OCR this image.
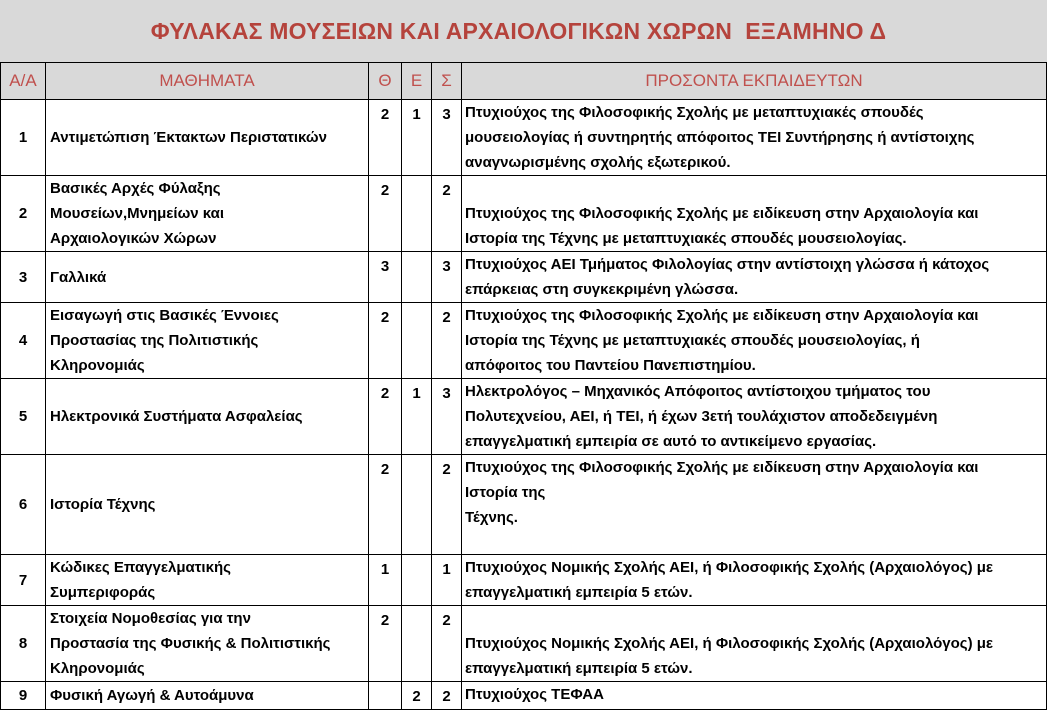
ΦΥΛΑΚΑΣ ΜΟΥΣΕΙΩΝ ΚΑΙ ΑΡΧΑΙΟΛΟΓΙΚΩΝ ΧΩΡΩΝ  ΕΞΑΜΗΝΟ Δ
Α/Α	ΜΑΘΗΜΑΤΑ	Θ	Ε	Σ	ΠΡΟΣΟΝΤΑ ΕΚΠΑΙΔΕΥΤΩΝ
1	Αντιμετώπιση Έκτακτων Περιστατικών	2	1	3	Πτυχιούχος της Φιλοσοφικής Σχολής με μεταπτυχιακές σπουδές
μουσειολογίας ή συντηρητής απόφοιτος ΤΕΙ Συντήρησης ή αντίστοιχης
αναγνωρισμένης σχολής εξωτερικού.

2	Βασικές Αρχές Φύλαξης
Μουσείων,Μνημείων και
Αρχαιολογικών Χώρων	2		2	Πτυχιούχος της Φιλοσοφικής Σχολής με ειδίκευση στην Αρχαιολογία και
Ιστορία της Τέχνης με μεταπτυχιακές σπουδές μουσειολογίας.

3	Γαλλικά	3		3	Πτυχιούχος ΑΕΙ Τμήματος Φιλολογίας στην αντίστοιχη γλώσσα ή κάτοχος
επάρκειας στη συγκεκριμένη γλώσσα.

4	Εισαγωγή στις Βασικές Έννοιες
Προστασίας της Πολιτιστικής
Κληρονομιάς	2		2	Πτυχιούχος της Φιλοσοφικής Σχολής με ειδίκευση στην Αρχαιολογία και
Ιστορία της Τέχνης με μεταπτυχιακές σπουδές μουσειολογίας, ή
απόφοιτος του Παντείου Πανεπιστημίου.

5	Ηλεκτρονικά Συστήματα Ασφαλείας	2	1	3	Ηλεκτρολόγος – Μηχανικός Απόφοιτος αντίστοιχου τμήματος του
Πολυτεχνείου, ΑΕΙ, ή ΤΕΙ, ή έχων 3ετή τουλάχιστον αποδεδειγμένη
επαγγελματική εμπειρία σε αυτό το αντικείμενο εργασίας.

6	Ιστορία Τέχνης	2		2	Πτυχιούχος της Φιλοσοφικής Σχολής με ειδίκευση στην Αρχαιολογία και
Ιστορία της
Τέχνης.

7	Κώδικες Επαγγελματικής
Συμπεριφοράς	1		1	Πτυχιούχος Νομικής Σχολής ΑΕΙ, ή Φιλοσοφικής Σχολής (Αρχαιολόγος) με
επαγγελματική εμπειρία 5 ετών.

8	Στοιχεία Νομοθεσίας για την
Προστασία της Φυσικής & Πολιτιστικής
Κληρονομιάς	2		2	Πτυχιούχος Νομικής Σχολής ΑΕΙ, ή Φιλοσοφικής Σχολής (Αρχαιολόγος) με
επαγγελματική εμπειρία 5 ετών.

9	Φυσική Αγωγή & Αυτοάμυνα		2	2	Πτυχιούχος ΤΕΦΑΑ
